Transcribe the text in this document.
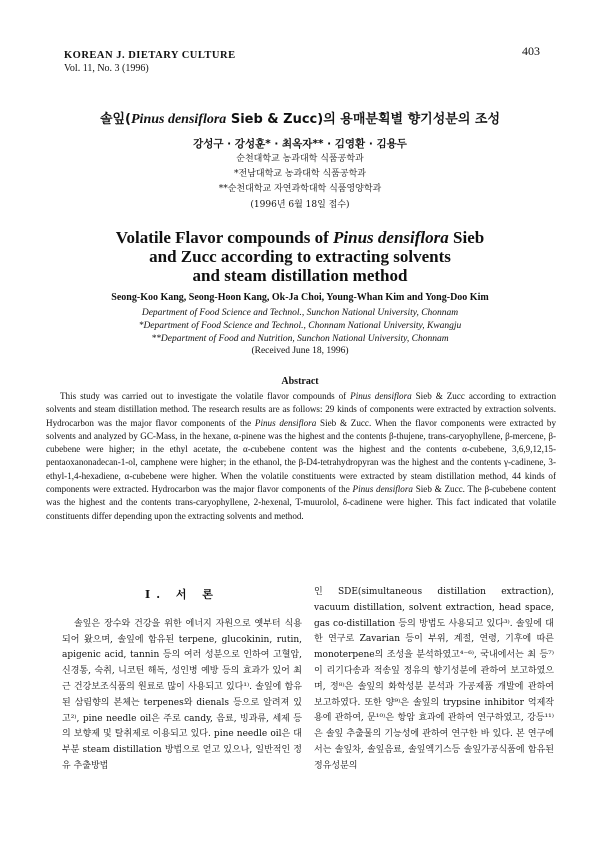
KOREAN J. DIETARY CULTURE
Vol. 11, No. 3 (1996)
403
솔잎(Pinus densiflora Sieb & Zucc)의 용매분획별 향기성분의 조성
강성구 · 강성훈* · 최옥자** · 김영환 · 김용두
순천대학교 농과대학 식품공학과
*전남대학교 농과대학 식품공학과
**순천대학교 자연과학대학 식품영양학과
(1996년 6월 18일 접수)
Volatile Flavor compounds of Pinus densiflora Sieb
and Zucc according to extracting solvents
and steam distillation method
Seong-Koo Kang, Seong-Hoon Kang, Ok-Ja Choi, Young-Whan Kim and Yong-Doo Kim
Department of Food Science and Technol., Sunchon National University, Chonnam
*Department of Food Science and Technol., Chonnam National University, Kwangju
**Department of Food and Nutrition, Sunchon National University, Chonnam
(Received June 18, 1996)
Abstract
This study was carried out to investigate the volatile flavor compounds of Pinus densiflora Sieb & Zucc according to extraction solvents and steam distillation method. The research results are as follows: 29 kinds of components were extracted by extraction solvents. Hydrocarbon was the major flavor components of the Pinus densiflora Sieb & Zucc. When the flavor components were extracted by solvents and analyzed by GC-Mass, in the hexane, α-pinene was the highest and the contents β-thujene, trans-caryophyllene, β-mercene, β-cubebene were higher; in the ethyl acetate, the α-cubebene content was the highest and the contents α-cubebene, 3,6,9,12,15-pentaoxanonadecan-1-ol, camphene were higher; in the ethanol, the β-D4-tetrahydropyran was the highest and the contents γ-cadinene, 3-ethyl-1,4-hexadiene, α-cubebene were higher. When the volatile constituents were extracted by steam distillation method, 44 kinds of components were extracted. Hydrocarbon was the major flavor components of the Pinus densiflora Sieb & Zucc. The β-cubebene content was the highest and the contents trans-caryophyllene, 2-hexenal, T-muurolol, δ-cadinene were higher. This fact indicated that volatile constituents differ depending upon the extracting solvents and method.
I. 서 론

솔잎은 장수와 건강을 위한 에너지 자원으로 옛부터 식용되어 왔으며, 솔잎에 함유된 terpene, glucokinin, rutin, apigenic acid, tannin 등의 여러 성분으로 인하여 고혈압, 신경통, 숙취, 니코틴 해독, 성인병 예방 등의 효과가 있어 최근 건강보조식품의 원료로 많이 사용되고 있다¹⁾. 솔잎에 함유된 삼림향의 본체는 terpenes와 dienals 등으로 알려져 있고²⁾, pine needle oil은 주로 candy, 음료, 빙과류, 세제 등의 보향제 및 탈취제로 이용되고 있다. pine needle oil은 대부분 steam distillation 방법으로 얻고 있으나, 일반적인 정유 추출방법

인 SDE(simultaneous distillation extraction), vacuum distillation, solvent extraction, head space, gas co-distillation 등의 방법도 사용되고 있다³⁾. 솔잎에 대한 연구로 Zavarian 등이 부위, 계절, 연령, 기후에 따른 monoterpene의 조성을 분석하였고⁴⁻⁶⁾, 국내에서는 최 등⁷⁾이 리기다송과 적송잎 정유의 향기성분에 관하여 보고하였으며, 정⁸⁾은 솔잎의 화학성분 분석과 가공제품 개발에 관하여 보고하였다. 또한 양⁹⁾은 솔잎의 trypsine inhibitor 억제작용에 관하여, 문¹⁰⁾은 항암 효과에 관하여 연구하였고, 강등¹¹⁾은 솔잎 추출물의 기능성에 관하여 연구한 바 있다. 본 연구에서는 솔잎차, 솔잎음료, 솔잎엑기스등 솔잎가공식품에 함유된 정유성분의
